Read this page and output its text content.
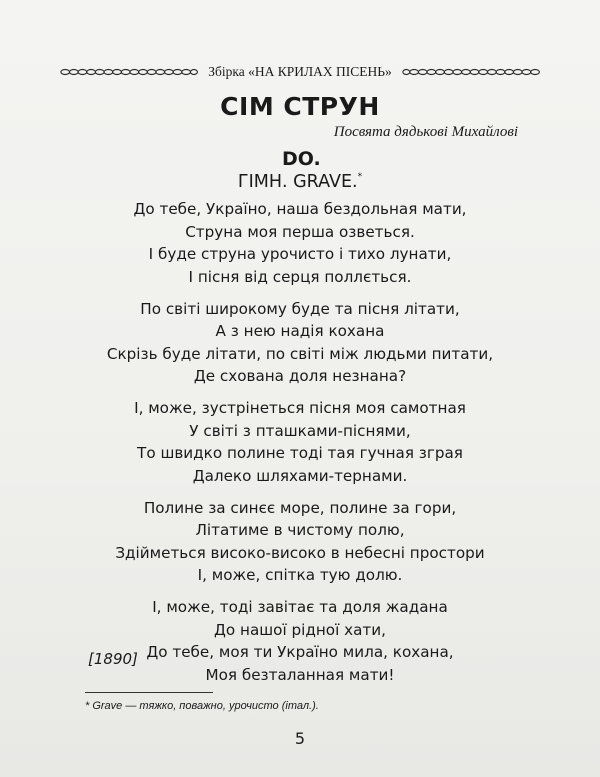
Збірка «НА КРИЛАХ ПІСЕНЬ»
СІМ СТРУН
Посвята дядькові Михайлові
DO.
ГІМН. GRAVE.*
До тебе, Україно, наша бездольная мати,
Струна моя перша озветься.
І буде струна урочисто і тихо лунати,
І пісня від серця поллється.
По світі широкому буде та пісня літати,
А з нею надія кохана
Скрізь буде літати, по світі між людьми питати,
Де схована доля незнана?
І, може, зустрінеться пісня моя самотная
У світі з пташками-піснями,
То швидко полине тоді тая гучная зграя
Далеко шляхами-тернами.
Полине за синєє море, полине за гори,
Літатиме в чистому полю,
Здійметься високо-високо в небесні простори
І, може, спітка тую долю.
І, може, тоді завітає та доля жадана
До нашої рідної хати,
До тебе, моя ти Україно мила, кохана,
Моя безталанная мати!
[1890]
* Grave — тяжко, поважно, урочисто (італ.).
5
